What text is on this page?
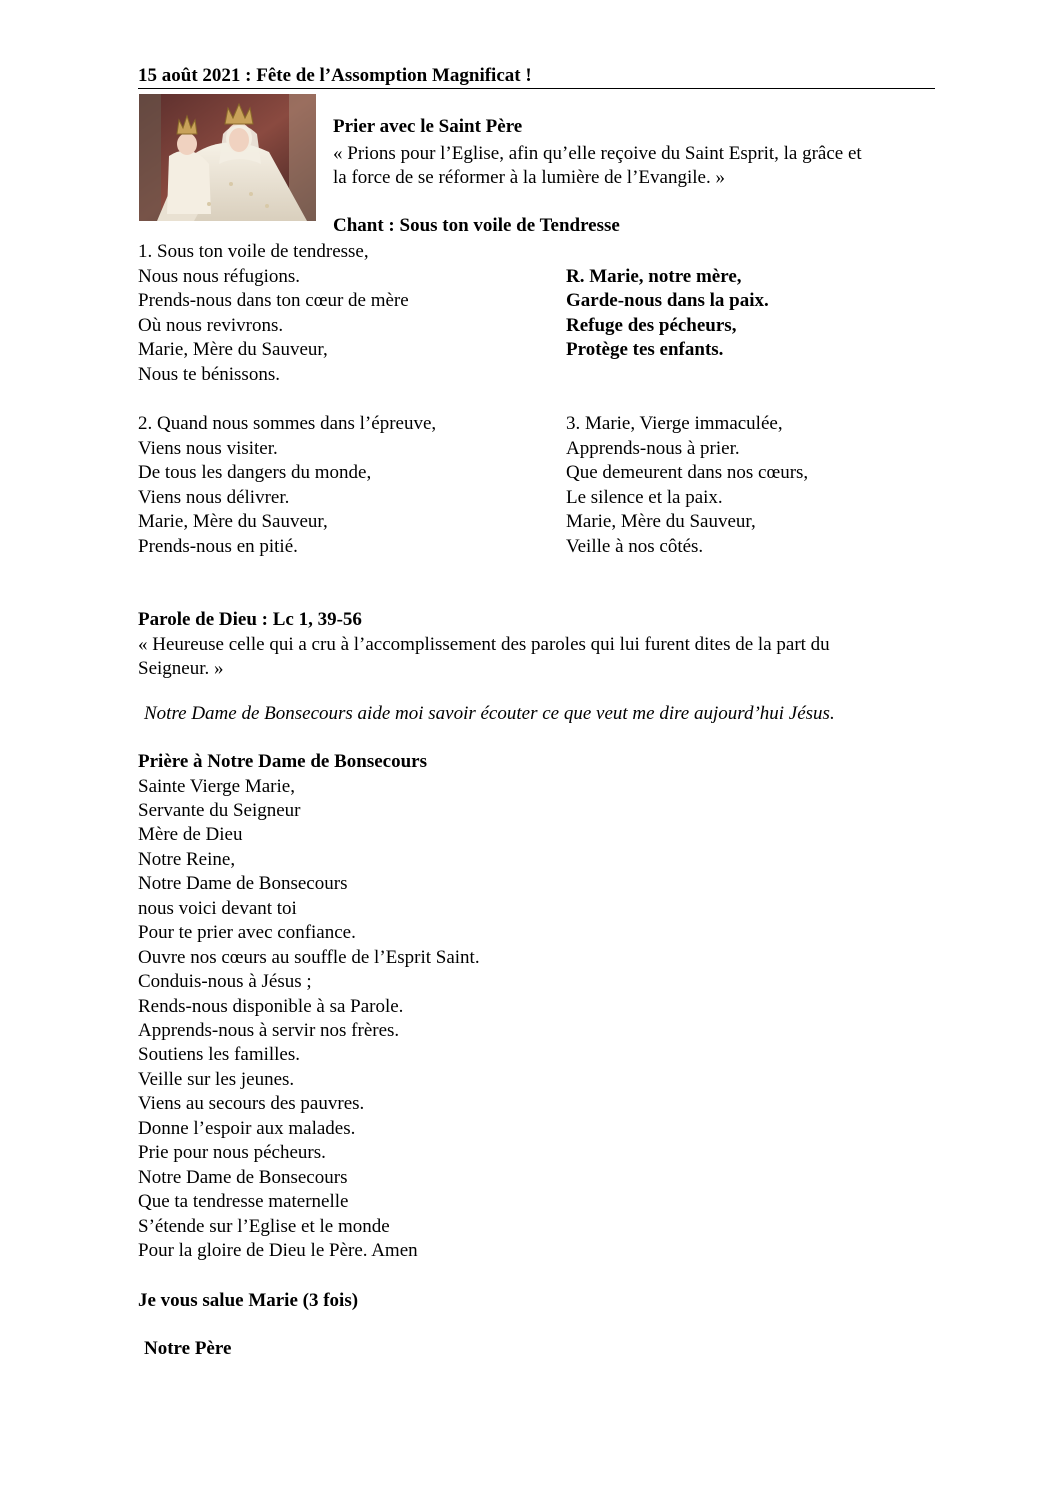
15 août 2021 : Fête de l’Assomption Magnificat !
Prier avec le Saint Père
« Prions pour l’Eglise, afin qu’elle reçoive du Saint Esprit, la grâce et
la force de se réformer à la lumière de l’Evangile. »
Chant : Sous ton voile de Tendresse
1. Sous ton voile de tendresse,
Nous nous réfugions.
Prends-nous dans ton cœur de mère
Où nous revivrons.
Marie, Mère du Sauveur,
Nous te bénissons.
R. Marie, notre mère,
Garde-nous dans la paix.
Refuge des pécheurs,
Protège tes enfants.
2. Quand nous sommes dans l’épreuve,
Viens nous visiter.
De tous les dangers du monde,
Viens nous délivrer.
Marie, Mère du Sauveur,
Prends-nous en pitié.
3. Marie, Vierge immaculée,
Apprends-nous à prier.
Que demeurent dans nos cœurs,
Le silence et la paix.
Marie, Mère du Sauveur,
Veille à nos côtés.
Parole de Dieu : Lc 1, 39-56
« Heureuse celle qui a cru à l’accomplissement des paroles qui lui furent dites de la part du
Seigneur. »
Notre Dame de Bonsecours aide moi savoir écouter ce que veut me dire aujourd’hui Jésus.
Prière à Notre Dame de Bonsecours
Sainte Vierge Marie,
Servante du Seigneur
Mère de Dieu
Notre Reine,
Notre Dame de Bonsecours
nous voici devant toi
Pour te prier avec confiance.
Ouvre nos cœurs au souffle de l’Esprit Saint.
Conduis-nous à Jésus ;
Rends-nous disponible à sa Parole.
Apprends-nous à servir nos frères.
Soutiens les familles.
Veille sur les jeunes.
Viens au secours des pauvres.
Donne l’espoir aux malades.
Prie pour nous pécheurs.
Notre Dame de Bonsecours
Que ta tendresse maternelle
S’étende sur l’Eglise et le monde
Pour la gloire de Dieu le Père. Amen
Je vous salue Marie (3 fois)
Notre Père
